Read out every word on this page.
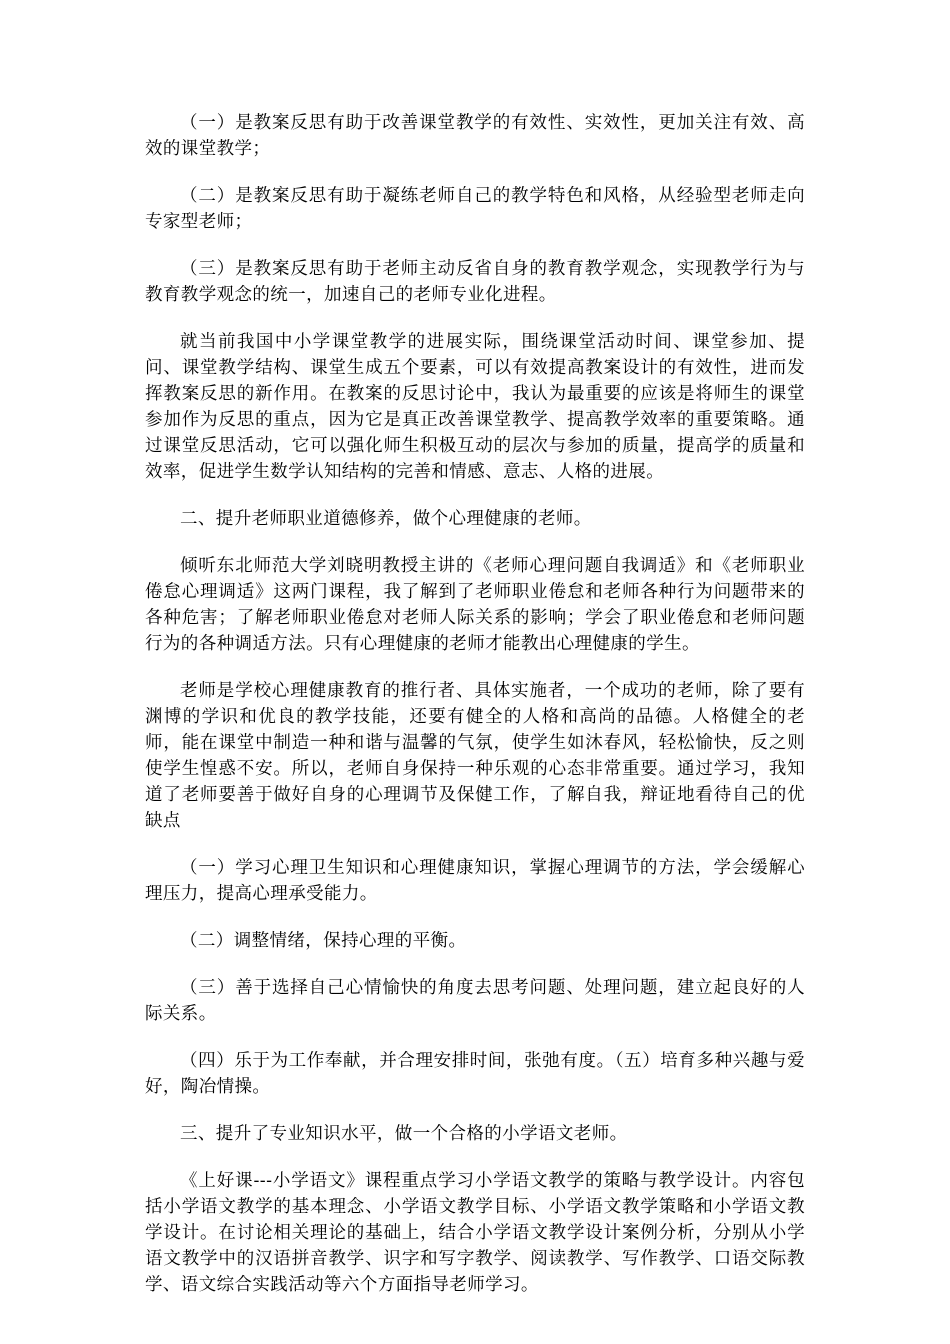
（一）是教案反思有助于改善课堂教学的有效性、实效性，更加关注有效、高效的课堂教学；

（二）是教案反思有助于凝练老师自己的教学特色和风格，从经验型老师走向专家型老师；

（三）是教案反思有助于老师主动反省自身的教育教学观念，实现教学行为与教育教学观念的统一，加速自己的老师专业化进程。

就当前我国中小学课堂教学的进展实际，围绕课堂活动时间、课堂参加、提问、课堂教学结构、课堂生成五个要素，可以有效提高教案设计的有效性，进而发挥教案反思的新作用。在教案的反思讨论中，我认为最重要的应该是将师生的课堂参加作为反思的重点，因为它是真正改善课堂教学、提高教学效率的重要策略。通过课堂反思活动，它可以强化师生积极互动的层次与参加的质量，提高学的质量和效率，促进学生数学认知结构的完善和情感、意志、人格的进展。

二、提升老师职业道德修养，做个心理健康的老师。

倾听东北师范大学刘晓明教授主讲的《老师心理问题自我调适》和《老师职业倦怠心理调适》这两门课程，我了解到了老师职业倦怠和老师各种行为问题带来的各种危害；了解老师职业倦怠对老师人际关系的影响；学会了职业倦怠和老师问题行为的各种调适方法。只有心理健康的老师才能教出心理健康的学生。

老师是学校心理健康教育的推行者、具体实施者，一个成功的老师，除了要有渊博的学识和优良的教学技能，还要有健全的人格和高尚的品德。人格健全的老师，能在课堂中制造一种和谐与温馨的气氛，使学生如沐春风，轻松愉快，反之则使学生惶惑不安。所以，老师自身保持一种乐观的心态非常重要。通过学习，我知道了老师要善于做好自身的心理调节及保健工作，了解自我，辩证地看待自己的优缺点

（一）学习心理卫生知识和心理健康知识，掌握心理调节的方法，学会缓解心理压力，提高心理承受能力。

（二）调整情绪，保持心理的平衡。

（三）善于选择自己心情愉快的角度去思考问题、处理问题，建立起良好的人际关系。

（四）乐于为工作奉献，并合理安排时间，张弛有度。（五）培育多种兴趣与爱好，陶冶情操。

三、提升了专业知识水平，做一个合格的小学语文老师。

《上好课---小学语文》课程重点学习小学语文教学的策略与教学设计。内容包括小学语文教学的基本理念、小学语文教学目标、小学语文教学策略和小学语文教学设计。在讨论相关理论的基础上，结合小学语文教学设计案例分析，分别从小学语文教学中的汉语拼音教学、识字和写字教学、阅读教学、写作教学、口语交际教学、语文综合实践活动等六个方面指导老师学习。
